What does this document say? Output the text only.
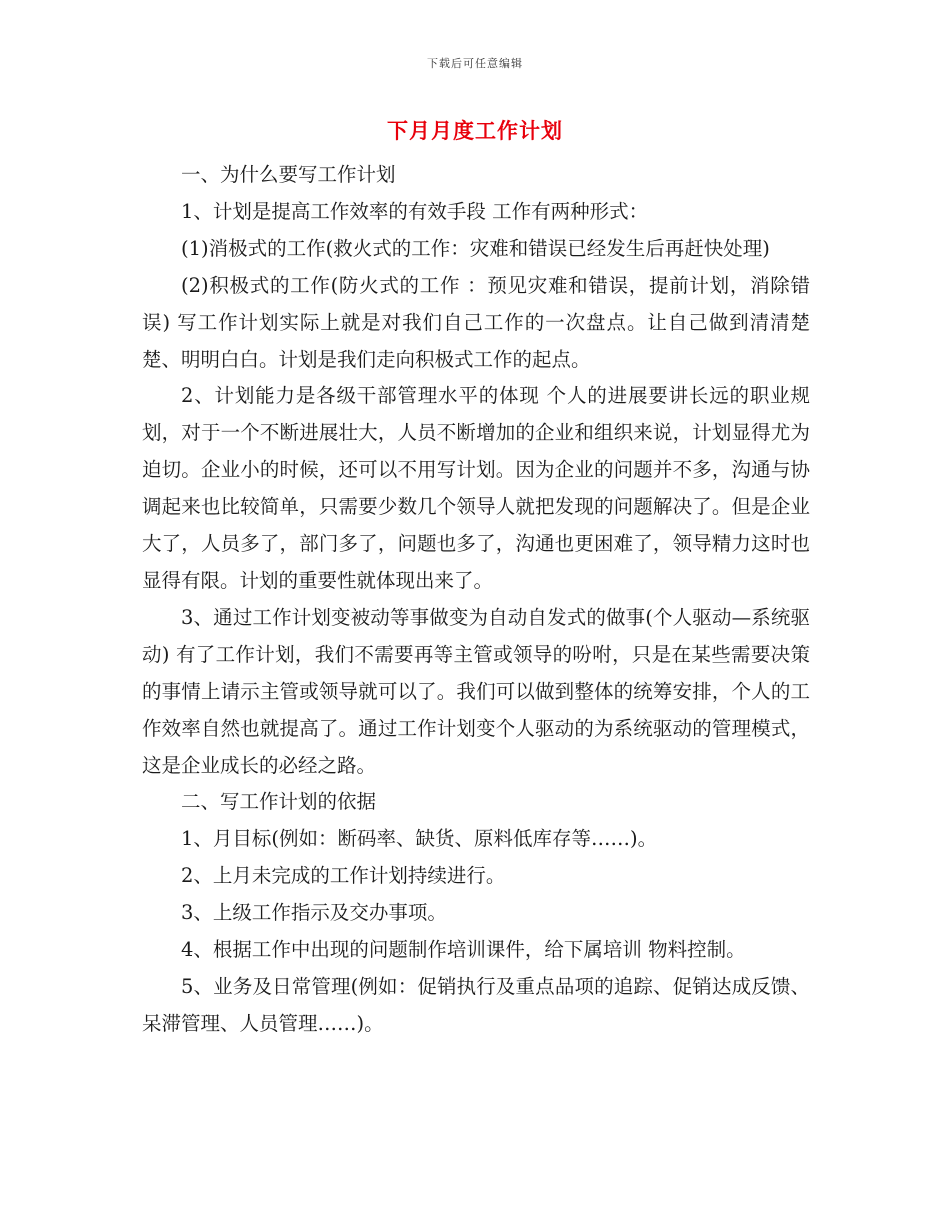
下载后可任意编辑
下月月度工作计划

一、为什么要写工作计划

1、计划是提高工作效率的有效手段 工作有两种形式：

(1)消极式的工作(救火式的工作：灾难和错误已经发生后再赶快处理)

(2)积极式的工作(防火式的工作 ：预见灾难和错误，提前计划，消除错误) 写工作计划实际上就是对我们自己工作的一次盘点。让自己做到清清楚楚、明明白白。计划是我们走向积极式工作的起点。

2、计划能力是各级干部管理水平的体现 个人的进展要讲长远的职业规划，对于一个不断进展壮大，人员不断增加的企业和组织来说，计划显得尤为迫切。企业小的时候，还可以不用写计划。因为企业的问题并不多，沟通与协调起来也比较简单，只需要少数几个领导人就把发现的问题解决了。但是企业大了，人员多了，部门多了，问题也多了，沟通也更困难了，领导精力这时也显得有限。计划的重要性就体现出来了。

3、通过工作计划变被动等事做变为自动自发式的做事(个人驱动—系统驱动) 有了工作计划，我们不需要再等主管或领导的吩咐，只是在某些需要决策的事情上请示主管或领导就可以了。我们可以做到整体的统筹安排，个人的工作效率自然也就提高了。通过工作计划变个人驱动的为系统驱动的管理模式，这是企业成长的必经之路。

二、写工作计划的依据

1、月目标(例如：断码率、缺货、原料低库存等……)。

2、上月未完成的工作计划持续进行。

3、上级工作指示及交办事项。

4、根据工作中出现的问题制作培训课件，给下属培训 物料控制。

5、业务及日常管理(例如：促销执行及重点品项的追踪、促销达成反馈、呆滞管理、人员管理……)。
